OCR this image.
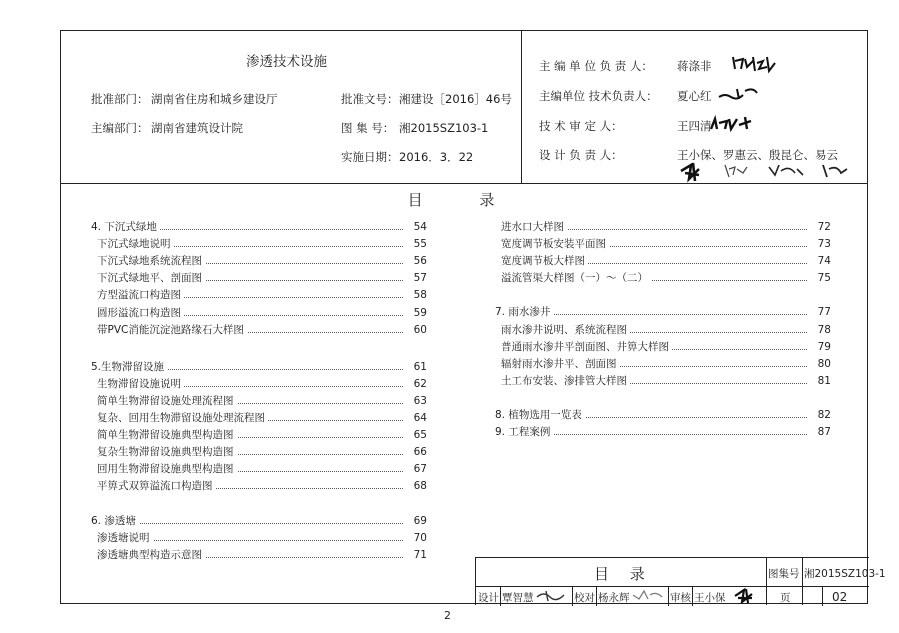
渗透技术设施
批准部门： 湖南省住房和城乡建设厅
主编部门： 湖南省建筑设计院
批准文号： 湘建设［2016］46号
图 集 号： 湘2015SZ103-1
实施日期： 2016．3．22
主 编 单 位 负 责 人： 蒋涤非
主编单位 技术负责人： 夏心红
技 术 审 定 人：	王四清
设 计 负 责 人：	王小保、罗惠云、殷昆仑、易云
目 录
4. 下沉式绿地	54
下沉式绿地说明	55
下沉式绿地系统流程图	56
下沉式绿地平、剖面图	57
方型溢流口构造图	58
圆形溢流口构造图	59
带PVC消能沉淀池路缘石大样图	60
5.生物滞留设施	61
生物滞留设施说明	62
简单生物滞留设施处理流程图	63
复杂、回用生物滞留设施处理流程图	64
简单生物滞留设施典型构造图	65
复杂生物滞留设施典型构造图	66
回用生物滞留设施典型构造图	67
平箅式双箅溢流口构造图	68
6. 渗透塘	69
渗透塘说明	70
渗透塘典型构造示意图	71
进水口大样图	72
宽度调节板安装平面图	73
宽度调节板大样图	74
溢流管渠大样图（一）～（二）	75
7. 雨水渗井	77
雨水渗井说明、系统流程图	78
普通雨水渗井平剖面图、井箅大样图	79
辐射雨水渗井平、剖面图	80
土工布安装、渗排管大样图	81
8. 植物选用一览表	82
9. 工程案例	87
目 录	图集号 湘2015SZ103-1
设计 覃智慧	校对 杨永辉	审核 王小保	页	02
2
